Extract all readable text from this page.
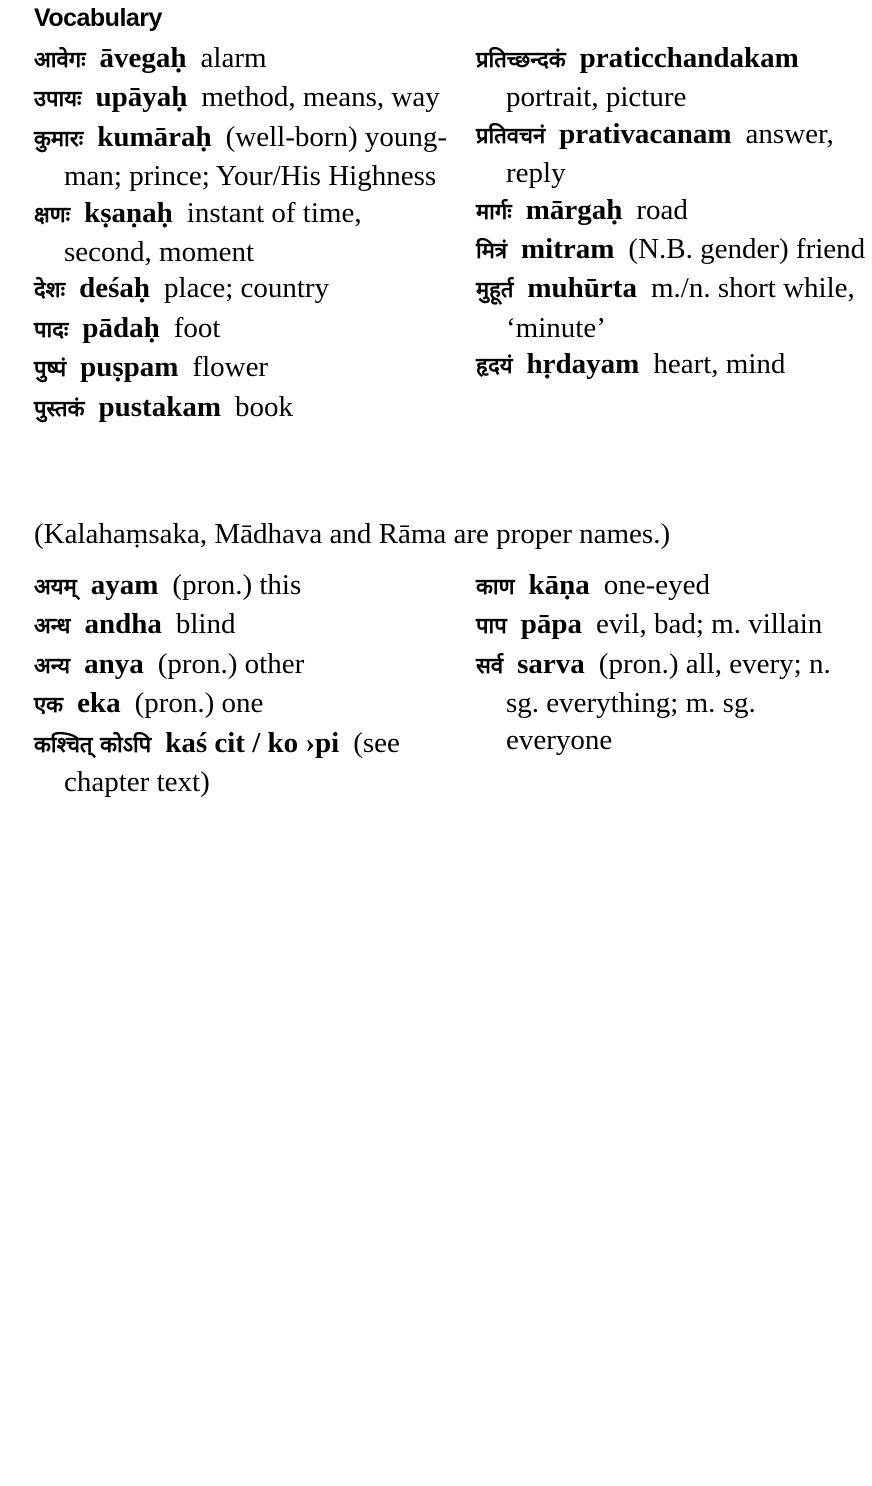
Vocabulary
आवेगः āvegaḥ alarm
उपायः upāyaḥ method, means, way
कुमारः kumāraḥ (well-born) young-man; prince; Your/His Highness
क्षणः kṣaṇaḥ instant of time, second, moment
देशः deśaḥ place; country
पादः pādaḥ foot
पुष्पं puṣpam flower
पुस्तकं pustakam book
प्रतिच्छन्दकं praticchandakamportrait, picture
प्रतिवचनं prativacanam answer, reply
मार्गः mārgaḥ road
मित्रं mitram (N.B. gender) friend
मुहूर्त muhūrta m./n. short while, ‘minute’
हृदयं hṛdayam heart, mind
(Kalahaṃsaka, Mādhava and Rāma are proper names.)
अयम् ayam (pron.) this
अन्ध andha blind
अन्य anya (pron.) other
एक eka (pron.) one
कश्चित् कोऽपि kaś cit / ko ›pi (see chapter text)
काण kāṇa one-eyed
पाप pāpa evil, bad; m. villain
सर्व sarva (pron.) all, every; n. sg. everything; m. sg. everyone
